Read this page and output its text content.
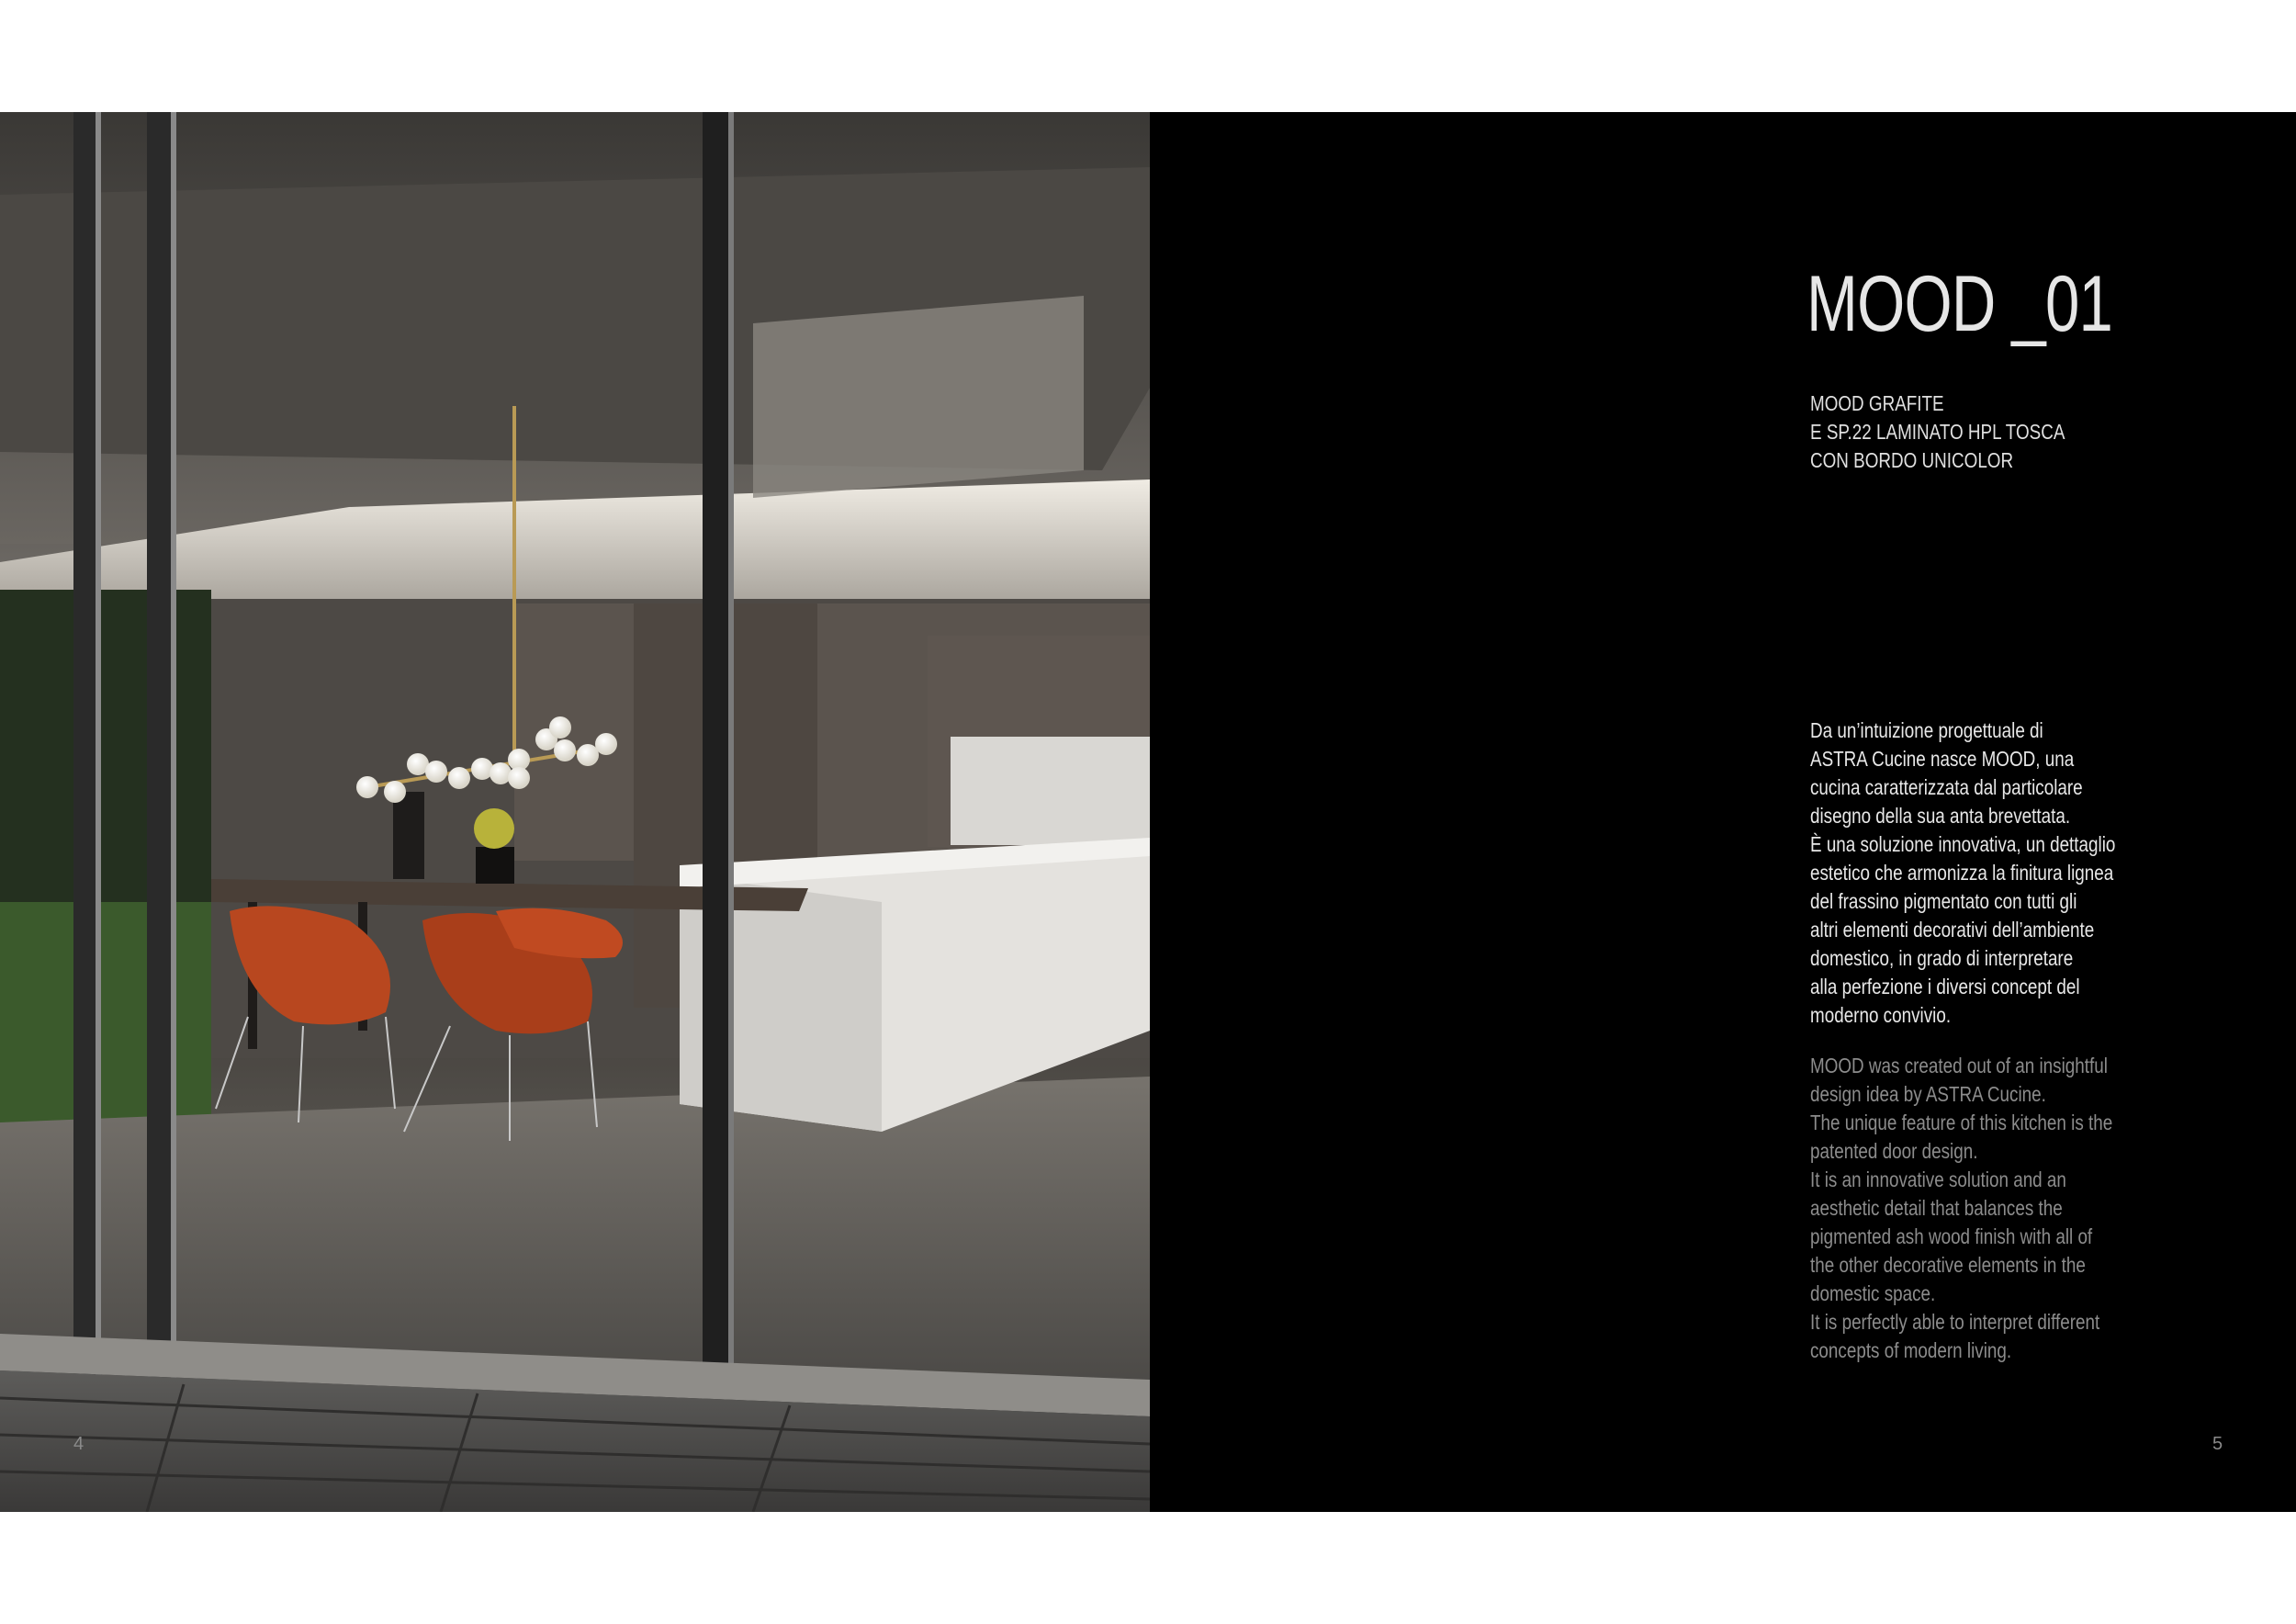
4
MOOD _01
MOOD GRAFITE
E SP.22 LAMINATO HPL TOSCA
CON BORDO UNICOLOR
Da un’intuizione progettuale di
ASTRA Cucine nasce MOOD, una
cucina caratterizzata dal particolare
disegno della sua anta brevettata.
È una soluzione innovativa, un dettaglio
estetico che armonizza la finitura lignea
del frassino pigmentato con tutti gli
altri elementi decorativi dell’ambiente
domestico, in grado di interpretare
alla perfezione i diversi concept del
moderno convivio.
MOOD was created out of an insightful
design idea by ASTRA Cucine.
The unique feature of this kitchen is the
patented door design.
It is an innovative solution and an
aesthetic detail that balances the
pigmented ash wood finish with all of
the other decorative elements in the
domestic space.
It is perfectly able to interpret different
concepts of modern living.
5
